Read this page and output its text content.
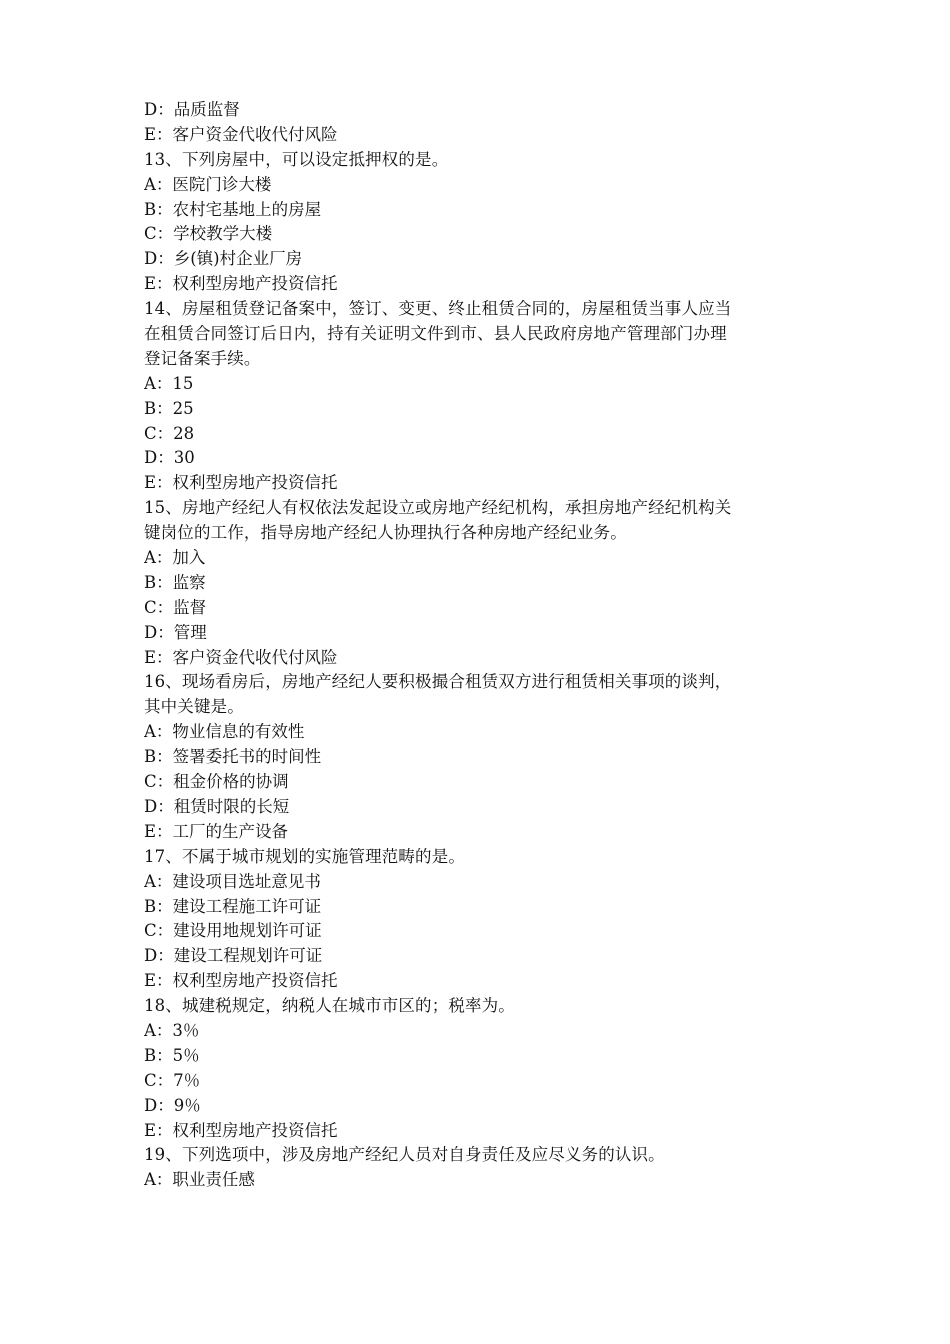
D：品质监督
E：客户资金代收代付风险
13、下列房屋中，可以设定抵押权的是。
A：医院门诊大楼
B：农村宅基地上的房屋
C：学校教学大楼
D：乡(镇)村企业厂房
E：权利型房地产投资信托
14、房屋租赁登记备案中，签订、变更、终止租赁合同的，房屋租赁当事人应当
在租赁合同签订后日内，持有关证明文件到市、县人民政府房地产管理部门办理
登记备案手续。
A：15
B：25
C：28
D：30
E：权利型房地产投资信托
15、房地产经纪人有权依法发起设立或房地产经纪机构，承担房地产经纪机构关
键岗位的工作，指导房地产经纪人协理执行各种房地产经纪业务。
A：加入
B：监察
C：监督
D：管理
E：客户资金代收代付风险
16、现场看房后，房地产经纪人要积极撮合租赁双方进行租赁相关事项的谈判，
其中关键是。
A：物业信息的有效性
B：签署委托书的时间性
C：租金价格的协调
D：租赁时限的长短
E：工厂的生产设备
17、不属于城市规划的实施管理范畴的是。
A：建设项目选址意见书
B：建设工程施工许可证
C：建设用地规划许可证
D：建设工程规划许可证
E：权利型房地产投资信托
18、城建税规定，纳税人在城市市区的；税率为。
A：3％
B：5％
C：7％
D：9％
E：权利型房地产投资信托
19、下列选项中，涉及房地产经纪人员对自身责任及应尽义务的认识。
A：职业责任感
